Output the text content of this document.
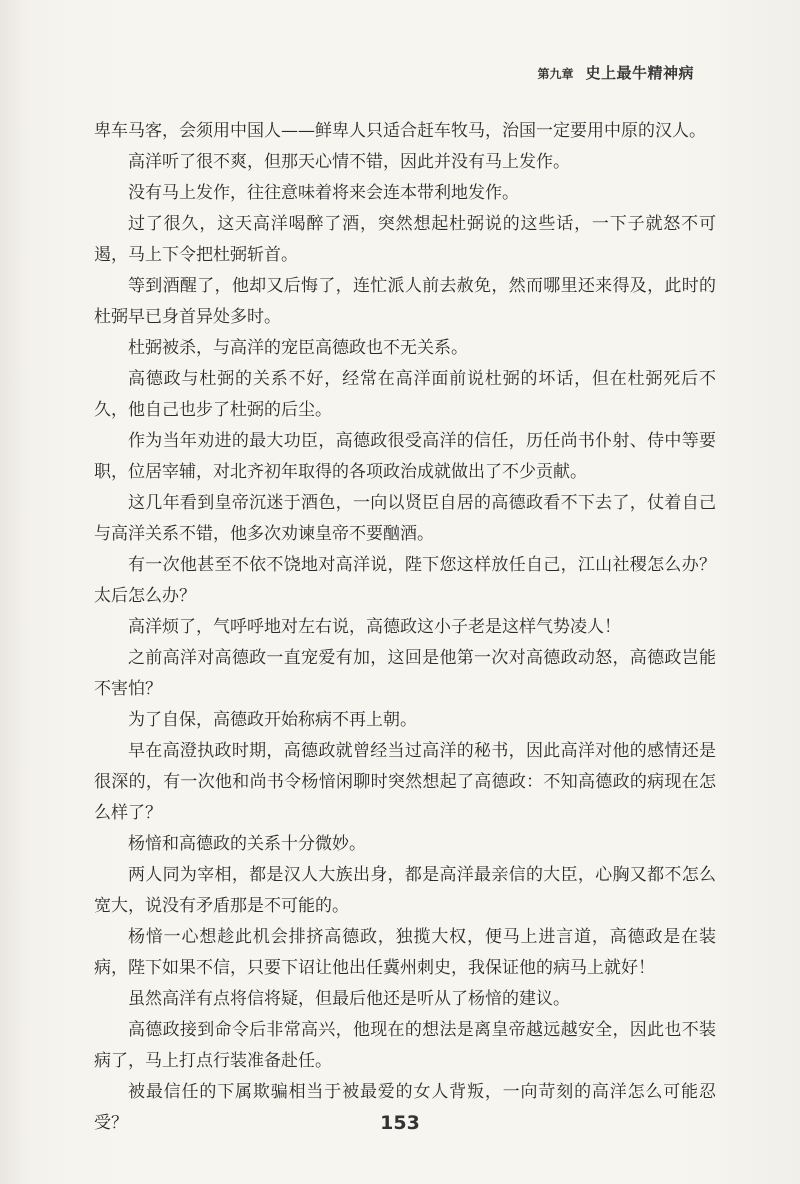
第九章 史上最牛精神病

卑车马客，会须用中国人——鲜卑人只适合赶车牧马，治国一定要用中原的汉人。

高洋听了很不爽，但那天心情不错，因此并没有马上发作。

没有马上发作，往往意味着将来会连本带利地发作。

过了很久，这天高洋喝醉了酒，突然想起杜弼说的这些话，一下子就怒不可遏，马上下令把杜弼斩首。

等到酒醒了，他却又后悔了，连忙派人前去赦免，然而哪里还来得及，此时的杜弼早已身首异处多时。

杜弼被杀，与高洋的宠臣高德政也不无关系。

高德政与杜弼的关系不好，经常在高洋面前说杜弼的坏话，但在杜弼死后不久，他自己也步了杜弼的后尘。

作为当年劝进的最大功臣，高德政很受高洋的信任，历任尚书仆射、侍中等要职，位居宰辅，对北齐初年取得的各项政治成就做出了不少贡献。

这几年看到皇帝沉迷于酒色，一向以贤臣自居的高德政看不下去了，仗着自己与高洋关系不错，他多次劝谏皇帝不要酗酒。

有一次他甚至不依不饶地对高洋说，陛下您这样放任自己，江山社稷怎么办？太后怎么办？

高洋烦了，气呼呼地对左右说，高德政这小子老是这样气势凌人！

之前高洋对高德政一直宠爱有加，这回是他第一次对高德政动怒，高德政岂能不害怕？

为了自保，高德政开始称病不再上朝。

早在高澄执政时期，高德政就曾经当过高洋的秘书，因此高洋对他的感情还是很深的，有一次他和尚书令杨愔闲聊时突然想起了高德政：不知高德政的病现在怎么样了？

杨愔和高德政的关系十分微妙。

两人同为宰相，都是汉人大族出身，都是高洋最亲信的大臣，心胸又都不怎么宽大，说没有矛盾那是不可能的。

杨愔一心想趁此机会排挤高德政，独揽大权，便马上进言道，高德政是在装病，陛下如果不信，只要下诏让他出任冀州刺史，我保证他的病马上就好！

虽然高洋有点将信将疑，但最后他还是听从了杨愔的建议。

高德政接到命令后非常高兴，他现在的想法是离皇帝越远越安全，因此也不装病了，马上打点行装准备赴任。

被最信任的下属欺骗相当于被最爱的女人背叛，一向苛刻的高洋怎么可能忍受？	153
